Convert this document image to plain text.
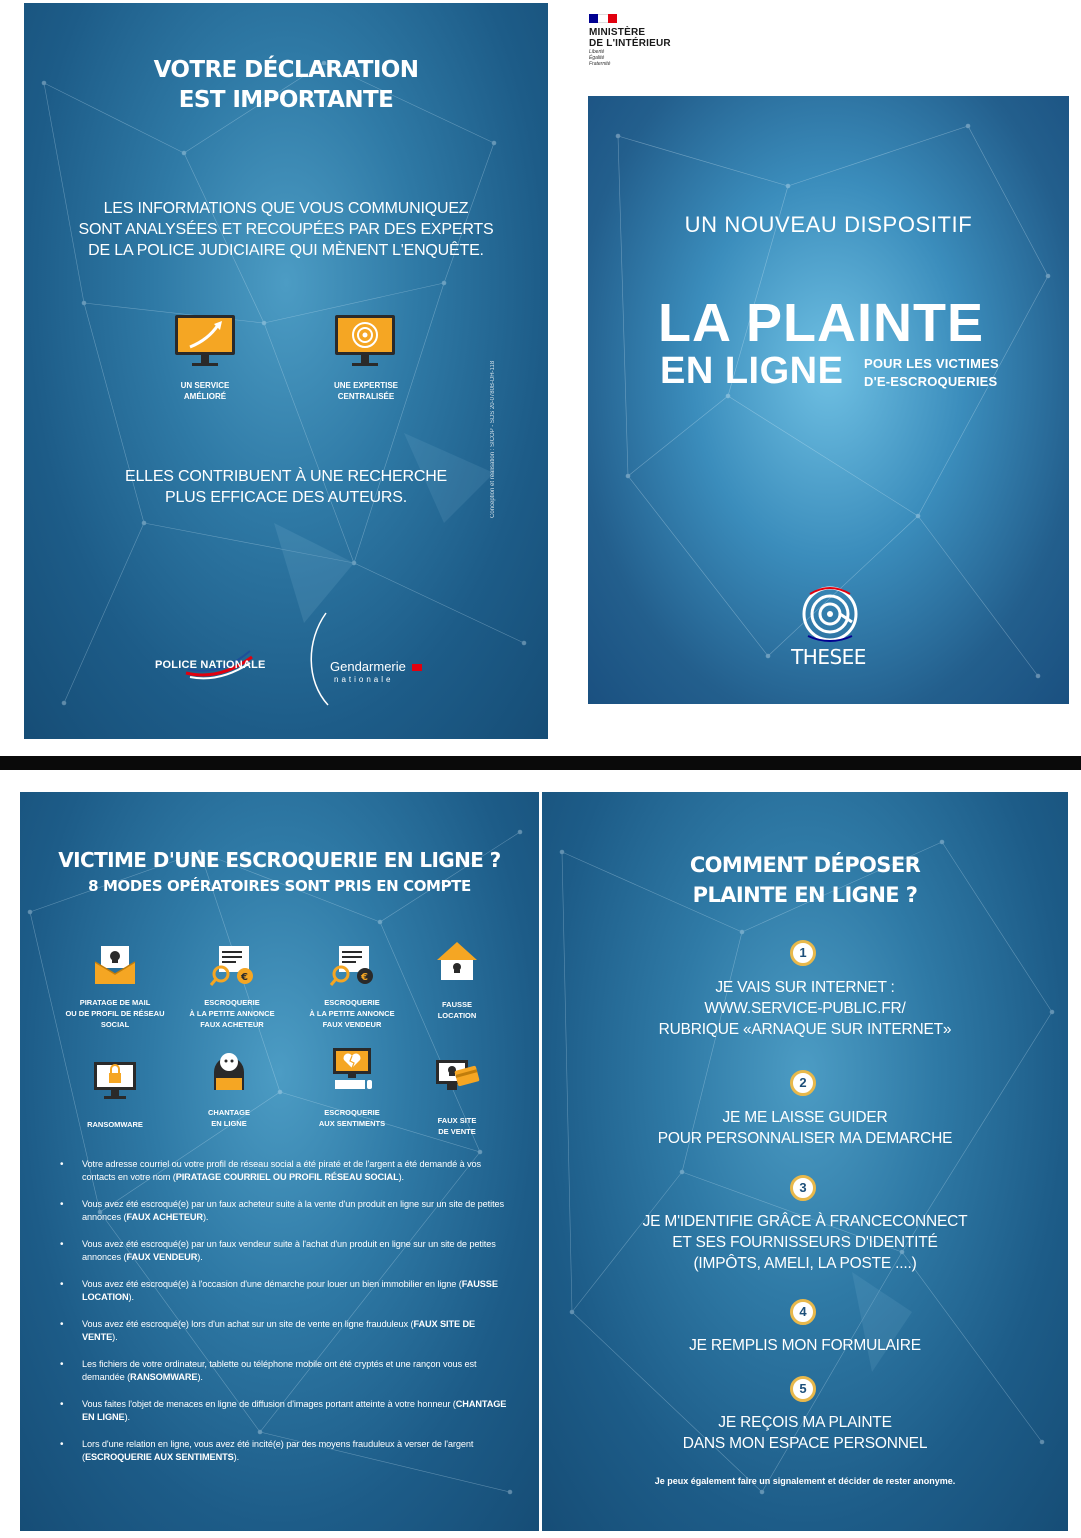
VOTRE DÉCLARATION
EST IMPORTANTE
LES INFORMATIONS QUE VOUS COMMUNIQUEZ
SONT ANALYSÉES ET RECOUPÉES PAR DES EXPERTS
DE LA POLICE JUDICIAIRE QUI MÈNENT L'ENQUÊTE.
UN SERVICE
AMÉLIORÉ
UNE EXPERTISE
CENTRALISÉE
ELLES CONTRIBUENT À UNE RECHERCHE
PLUS EFFICACE DES AUTEURS.
POLICE NATIONALE	Gendarmerie
nationale
Conception et réalisation : SICOP - SDS 20-0780B-DH-118
MINISTÈRE
DE L'INTÉRIEUR
Liberté
Égalité
Fraternité
UN NOUVEAU DISPOSITIF
LA PLAINTE
EN LIGNE POUR LES VICTIMES
D'E-ESCROQUERIES
THESEE
VICTIME D'UNE ESCROQUERIE EN LIGNE ?
8 MODES OPÉRATOIRES SONT PRIS EN COMPTE
PIRATAGE DE MAIL
OU DE PROFIL DE RÉSEAU
SOCIAL
€
ESCROQUERIE
À LA PETITE ANNONCE
FAUX ACHETEUR
€
ESCROQUERIE
À LA PETITE ANNONCE
FAUX VENDEUR
FAUSSE
LOCATION
RANSOMWARE
CHANTAGE
EN LIGNE
ESCROQUERIE
AUX SENTIMENTS	FAUX SITE
DE VENTE
• Votre adresse courriel ou votre profil de réseau social a été piraté et de l'argent a été demandé à vos contacts en votre nom (PIRATAGE COURRIEL OU PROFIL RÉSEAU SOCIAL).
• Vous avez été escroqué(e) par un faux acheteur suite à la vente d'un produit en ligne sur un site de petites annonces (FAUX ACHETEUR).
• Vous avez été escroqué(e) par un faux vendeur suite à l'achat d'un produit en ligne sur un site de petites annonces (FAUX VENDEUR).
• Vous avez été escroqué(e) à l'occasion d'une démarche pour louer un bien immobilier en ligne (FAUSSE LOCATION).
• Vous avez été escroqué(e) lors d'un achat sur un site de vente en ligne frauduleux (FAUX SITE DE VENTE).
• Les fichiers de votre ordinateur, tablette ou téléphone mobile ont été cryptés et une rançon vous est demandée (RANSOMWARE).
• Vous faites l'objet de menaces en ligne de diffusion d'images portant atteinte à votre honneur (CHANTAGE EN LIGNE).
• Lors d'une relation en ligne, vous avez été incité(e) par des moyens frauduleux à verser de l'argent (ESCROQUERIE AUX SENTIMENTS).
COMMENT DÉPOSER
PLAINTE EN LIGNE ?
1
JE VAIS SUR INTERNET :
WWW.SERVICE-PUBLIC.FR/
RUBRIQUE «ARNAQUE SUR INTERNET»
2
JE ME LAISSE GUIDER
POUR PERSONNALISER MA DEMARCHE
3
JE M'IDENTIFIE GRÂCE À FRANCECONNECT
ET SES FOURNISSEURS D'IDENTITÉ
(IMPÔTS, AMELI, LA POSTE ....)
4
JE REMPLIS MON FORMULAIRE
5
JE REÇOIS MA PLAINTE
DANS MON ESPACE PERSONNEL
Je peux également faire un signalement et décider de rester anonyme.
